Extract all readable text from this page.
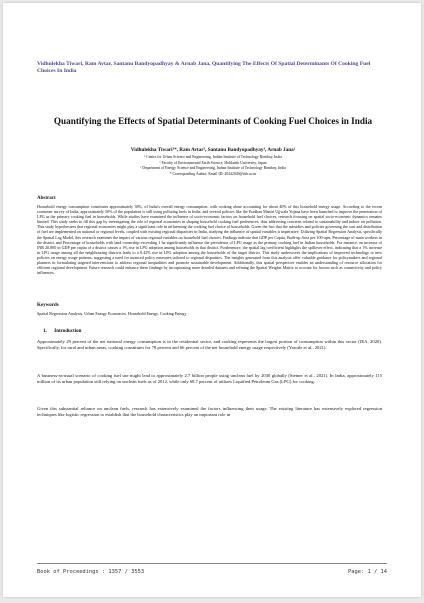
Vidhulekha Tiwari, Ram Avtar, Santanu Bandyopadhyay & Arnab Jana, Quantifying The Effects Of Spatial Determinants Of Cooking Fuel Choices In India
Quantifying the Effects of Spatial Determinants of Cooking Fuel Choices in India
Vidhulekha Tiwari¹*, Ram Avtar², Santanu Bandyopadhyay³, Arnab Jana¹
¹ Centre for Urban Science and Engineering, Indian Institute of Technology Bombay, India
² Faculty of Environmental Earth Science, Hokkaido University, Japan
³ Department of Energy Science and Engineering, Indian Institute of Technology Bombay, India
* Corresponding Author, Email ID: 20442049@iitb.ac.in
Abstract
Household energy consumption constitutes approximately 38%, of India's overall energy consumption, with cooking alone accounting for about 40% of this household energy usage. According to the recent consumer survey of India, approximately 50% of the population is still using polluting fuels in India, and several policies like the Pradhan Mantri Ujjwala Yojana have been launched to improve the penetration of LPG as the primary cooking fuel in households. While studies have examined the influence of socio-economic factors on household fuel choices, research focusing on spatial socio-economic dynamics remains limited. This study seeks to fill this gap by investigating the role of regional economies in shaping household cooking fuel preferences, thus addressing concerns related to sustainability and indoor air pollution. This study hypothesizes that regional economies might play a significant role in influencing the cooking fuel choice of households. Given the fact that the subsidies and policies governing the cost and distribution of fuel are implemented on national or regional levels, coupled with existing regional disparities in India, studying the influence of spatial variables is imperative. Utilizing Spatial Regression Analysis, specifically the Spatial Lag Model, this research examines the impact of various regional variables on household fuel choices. Findings indicate that GDP per Capita, Built-up Area per 100 sqm, Percentage of main workers in the district and Percentage of households with land ownership exceeding 1 ha significantly influence the prevalence of LPG usage as the primary cooking fuel in Indian households. For instance, an increase of INR 20,800 in GDP per capita of a district causes a 1% rise in LPG adoption among households in that district. Furthermore, the spatial lag coefficient highlights the spillover effect, indicating that a 1% increase in LPG usage among all the neighbouring districts leads to a 0.42% rise in LPG adoption among the households of the target district. This study underscores the implications of improved technology or new policies on energy usage patterns, suggesting a need for nuanced policy measures tailored to regional disparities. The insights generated from this analysis offer valuable guidance for policymakers and regional planners in formulating targeted interventions to address regional inequalities and promote sustainable development. Additionally, this spatial perspective enables an understanding of resource allocation for efficient regional development. Future research could enhance these findings by incorporating more detailed datasets and refining the Spatial Weights Matrix to account for factors such as connectivity and policy influences.
Keywords
Spatial Regression Analysis, Urban Energy Economics, Household Energy, Cooking Energy
1.      Introduction
Approximately 29 percent of the net national energy consumption is in the residential sector, and cooking represents the largest portion of consumption within this sector (IEA, 2020). Specifically, for rural and urban areas, cooking constitutes for 78 percent and 66 percent of the net household energy usage respectively (Yawale et al., 2021).
A business-as-usual scenario of cooking fuel use might lead to approximately 2.7 billion people using unclean fuel by 2030 globally (Steiner et al., 2021). In India, approximately 115 million of its urban population still relying on unclean fuels as of 2012, while only 68.7 percent of utilizes Liquified Petroleum Gas (LPG) for cooking.
Given this substantial reliance on unclean fuels, research has extensively examined the factors influencing their usage. The existing literature has extensively explored regression techniques like logistic regression to establish that the household characteristics play an important role in
Book of Proceedings : 1357 / 3553	Page: 1 / 14
